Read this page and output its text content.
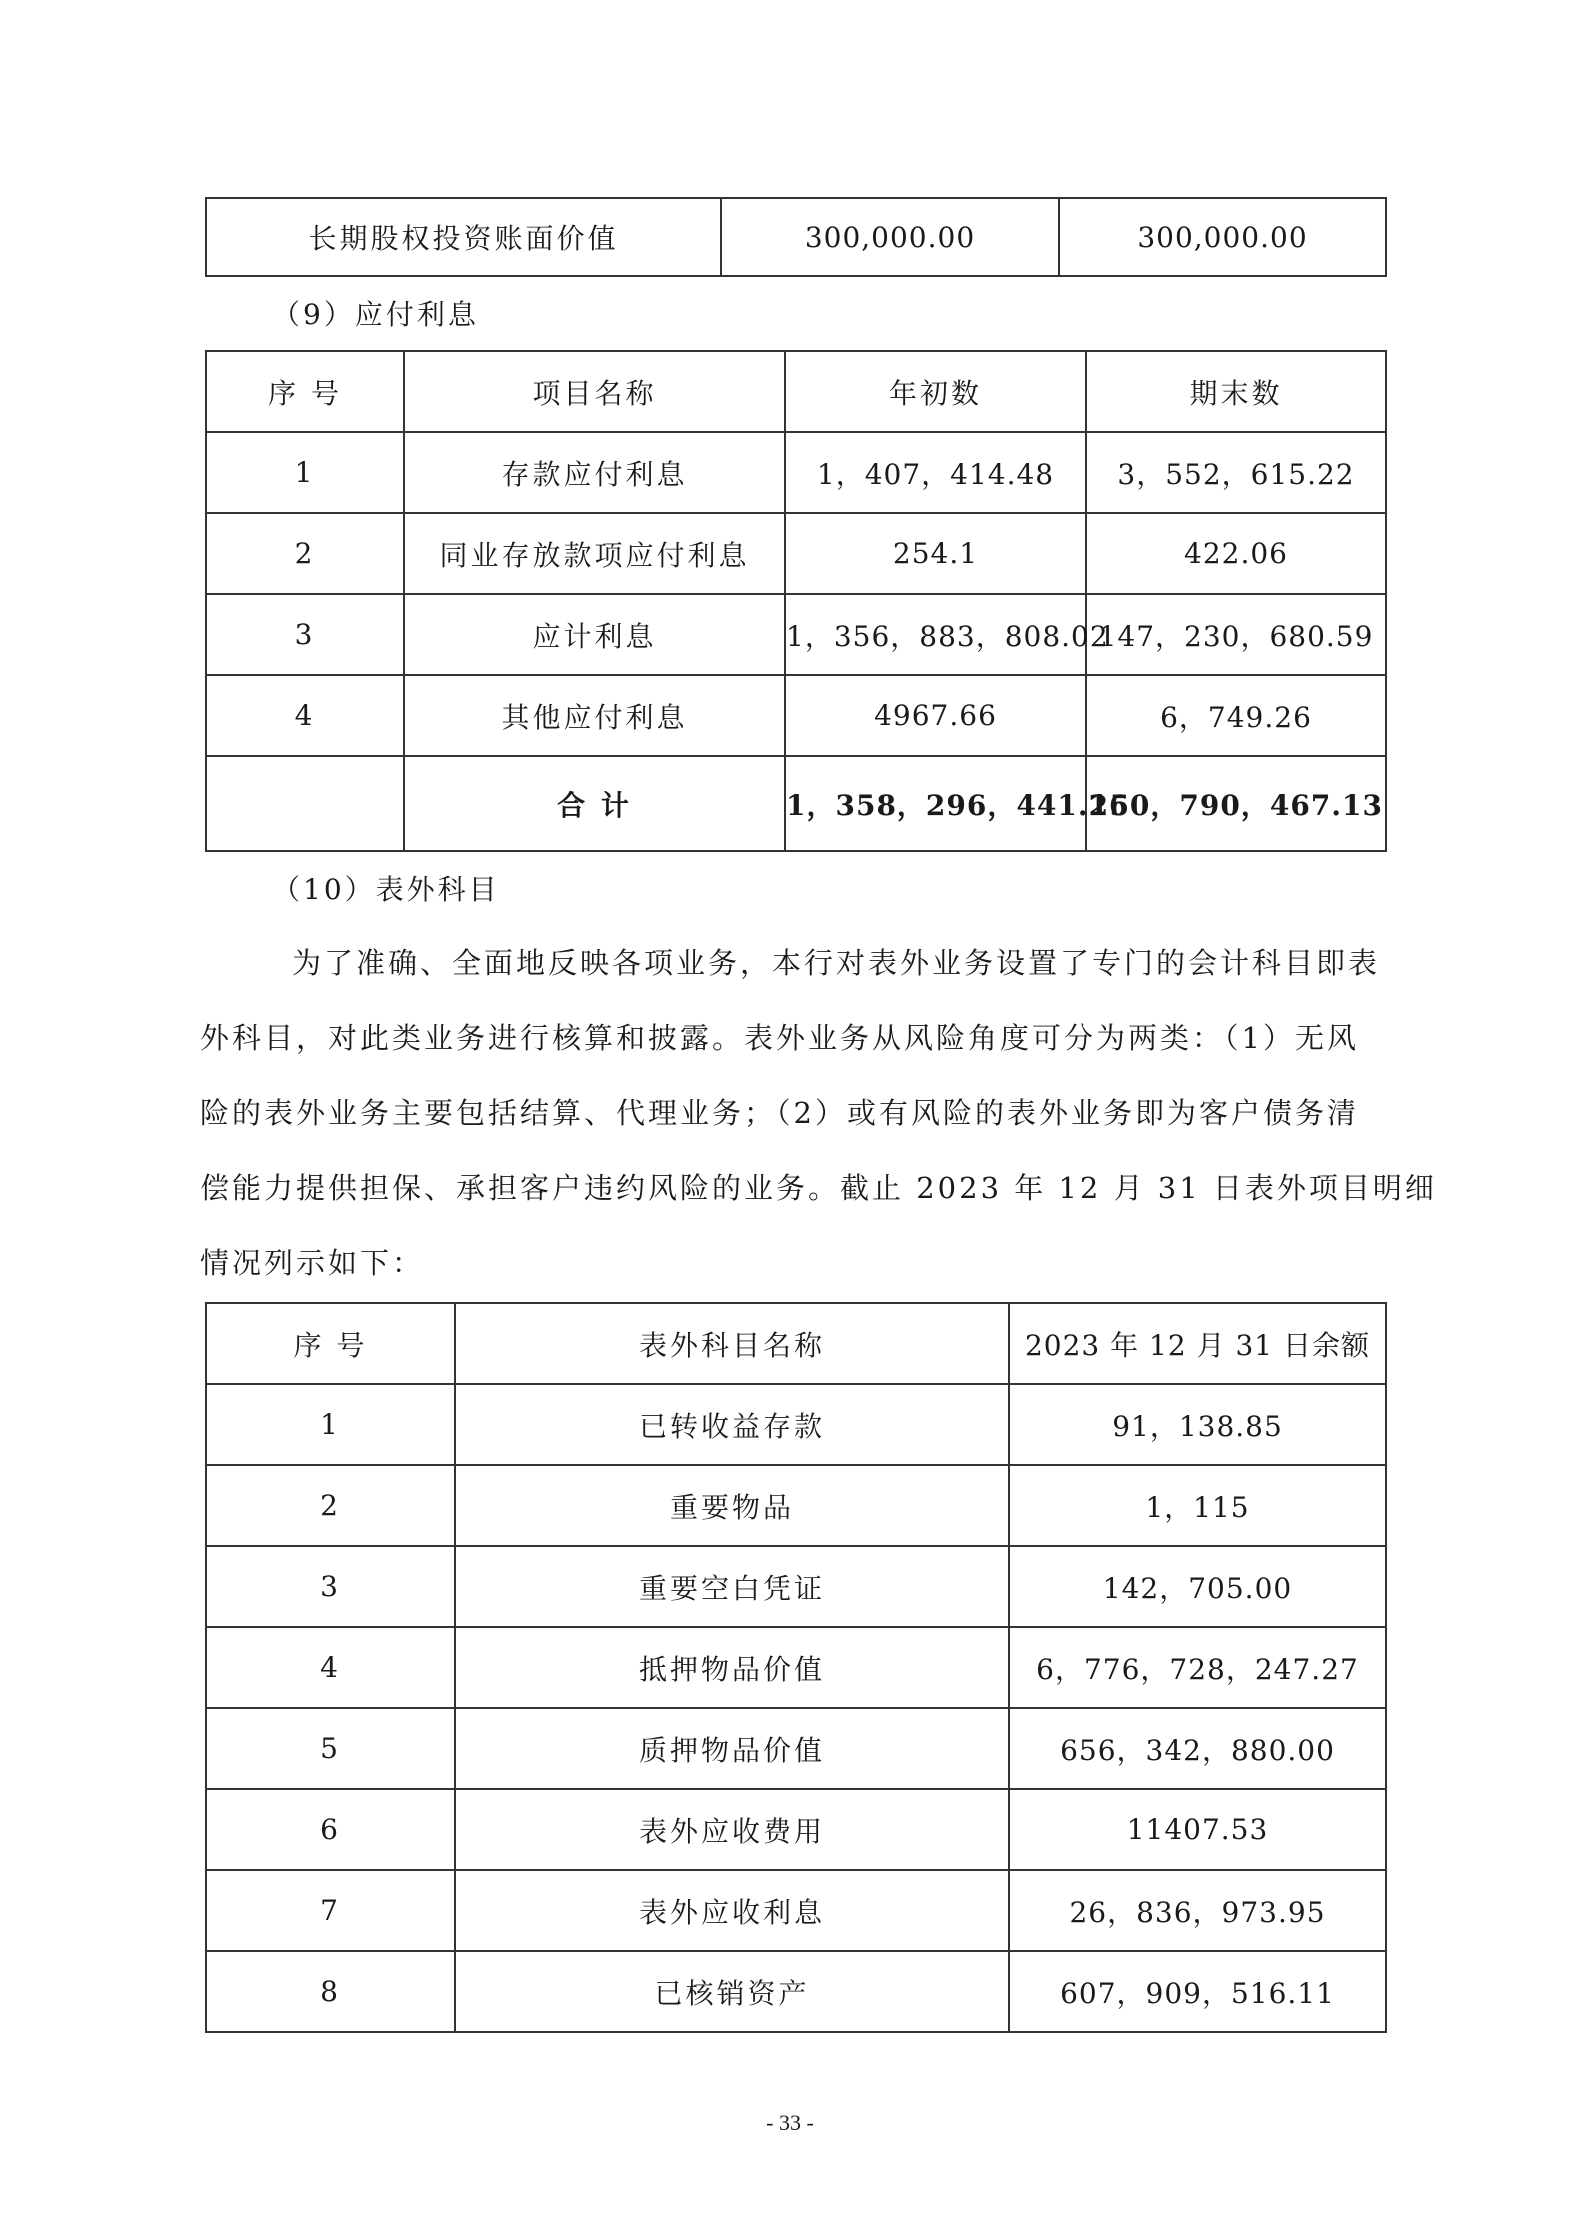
长期股权投资账面价值	300,000.00	300,000.00
（9）应付利息
序 号	项目名称	年初数	期末数
1	存款应付利息	1，407，414.48	3，552，615.22
2	同业存放款项应付利息	254.1	422.06
3	应计利息	1，356，883，808.02	147，230，680.59
4	其他应付利息	4967.66	6，749.26
	合 计	1，358，296，441.26	150，790，467.13
（10）表外科目
为了准确、全面地反映各项业务，本行对表外业务设置了专门的会计科目即表
外科目，对此类业务进行核算和披露。表外业务从风险角度可分为两类：（1）无风
险的表外业务主要包括结算、代理业务；（2）或有风险的表外业务即为客户债务清
偿能力提供担保、承担客户违约风险的业务。截止 2023 年 12 月 31 日表外项目明细
情况列示如下：
序 号	表外科目名称	2023 年 12 月 31 日余额
1	已转收益存款	91，138.85
2	重要物品	1，115
3	重要空白凭证	142，705.00
4	抵押物品价值	6，776，728，247.27
5	质押物品价值	656，342，880.00
6	表外应收费用	11407.53
7	表外应收利息	26，836，973.95
8	已核销资产	607，909，516.11
- 33 -
